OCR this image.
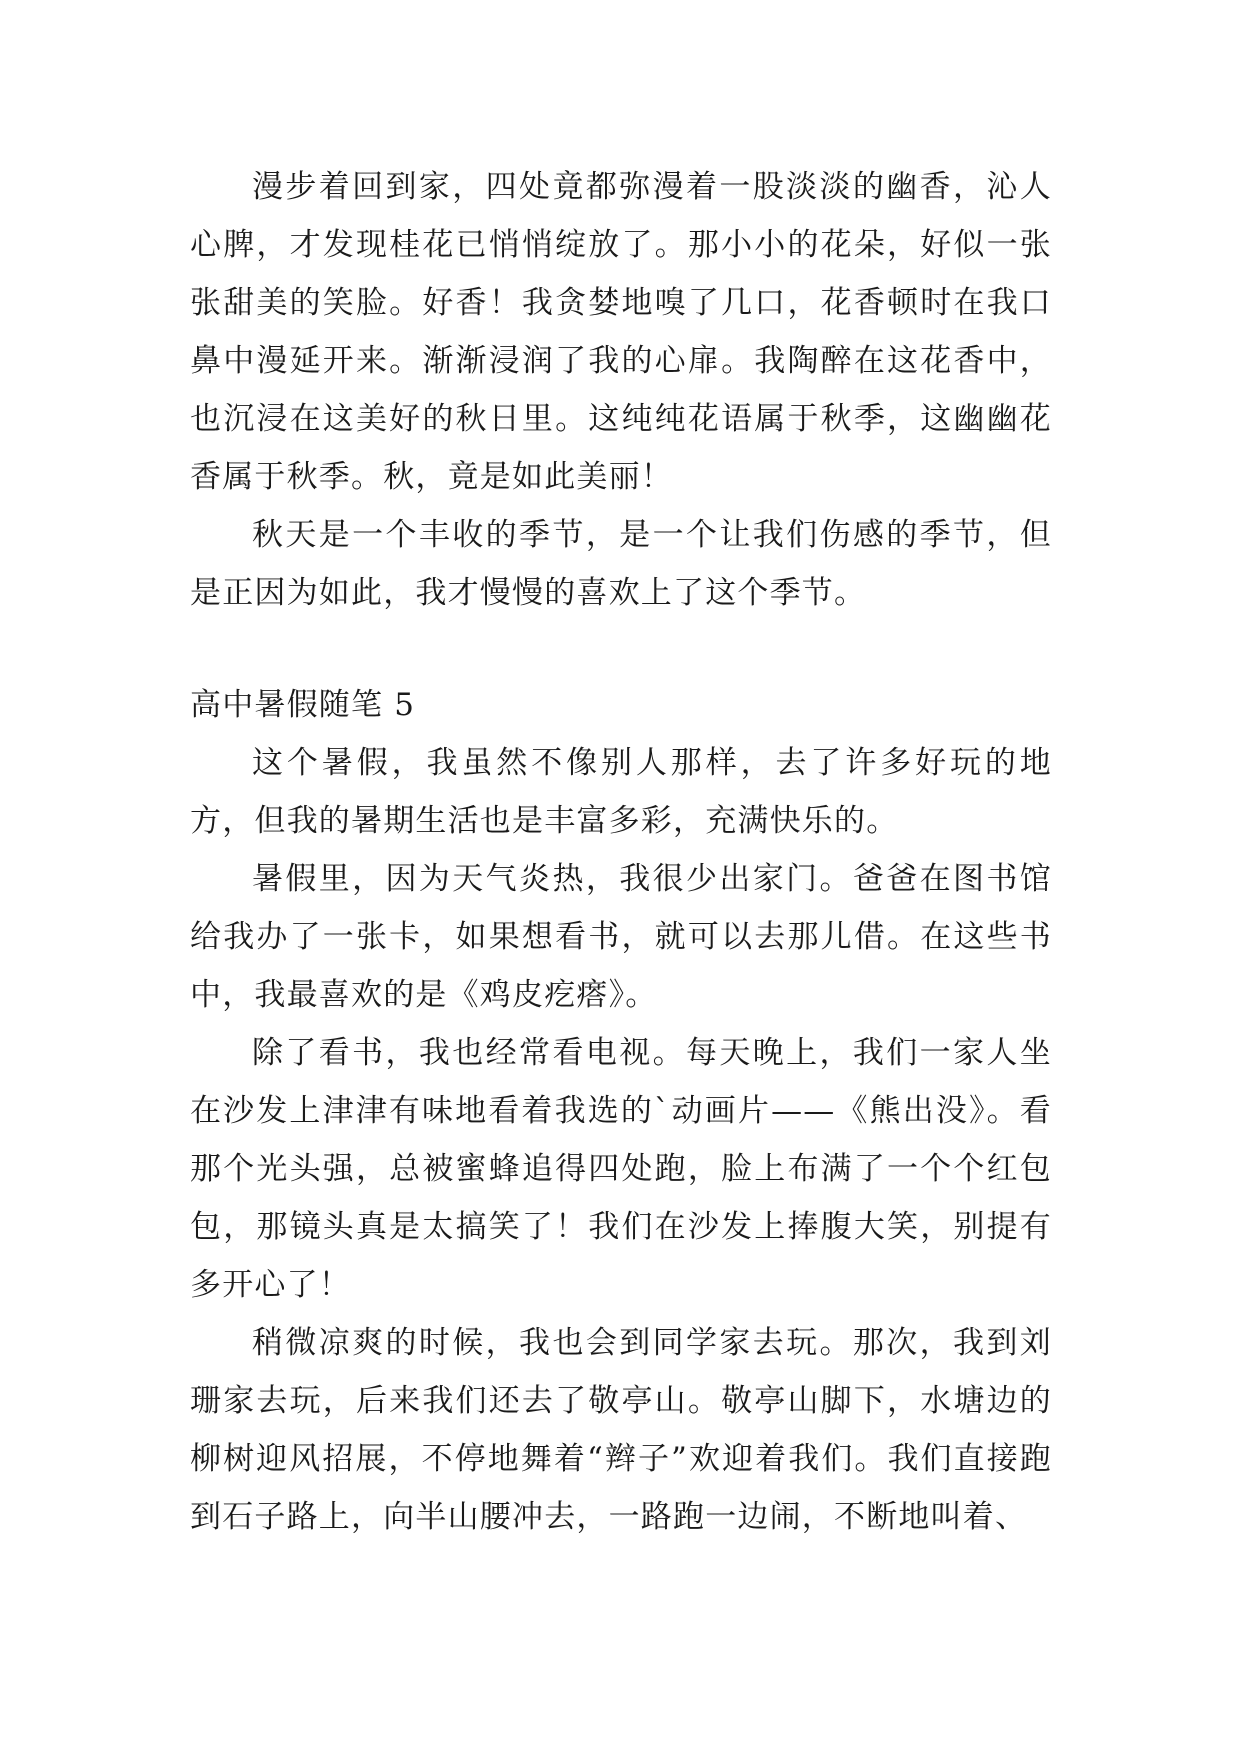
漫步着回到家，四处竟都弥漫着一股淡淡的幽香，沁人心脾，才发现桂花已悄悄绽放了。那小小的花朵，好似一张张甜美的笑脸。好香！我贪婪地嗅了几口，花香顿时在我口鼻中漫延开来。渐渐浸润了我的心扉。我陶醉在这花香中，也沉浸在这美好的秋日里。这纯纯花语属于秋季，这幽幽花香属于秋季。秋，竟是如此美丽！

秋天是一个丰收的季节，是一个让我们伤感的季节，但是正因为如此，我才慢慢的喜欢上了这个季节。

高中暑假随笔 5

这个暑假，我虽然不像别人那样，去了许多好玩的地方，但我的暑期生活也是丰富多彩，充满快乐的。

暑假里，因为天气炎热，我很少出家门。爸爸在图书馆给我办了一张卡，如果想看书，就可以去那儿借。在这些书中，我最喜欢的是《鸡皮疙瘩》。

除了看书，我也经常看电视。每天晚上，我们一家人坐在沙发上津津有味地看着我选的`动画片——《熊出没》。看那个光头强，总被蜜蜂追得四处跑，脸上布满了一个个红包包，那镜头真是太搞笑了！我们在沙发上捧腹大笑，别提有多开心了！

稍微凉爽的时候，我也会到同学家去玩。那次，我到刘珊家去玩，后来我们还去了敬亭山。敬亭山脚下，水塘边的柳树迎风招展，不停地舞着“辫子”欢迎着我们。我们直接跑到石子路上，向半山腰冲去，一路跑一边闹，不断地叫着、
